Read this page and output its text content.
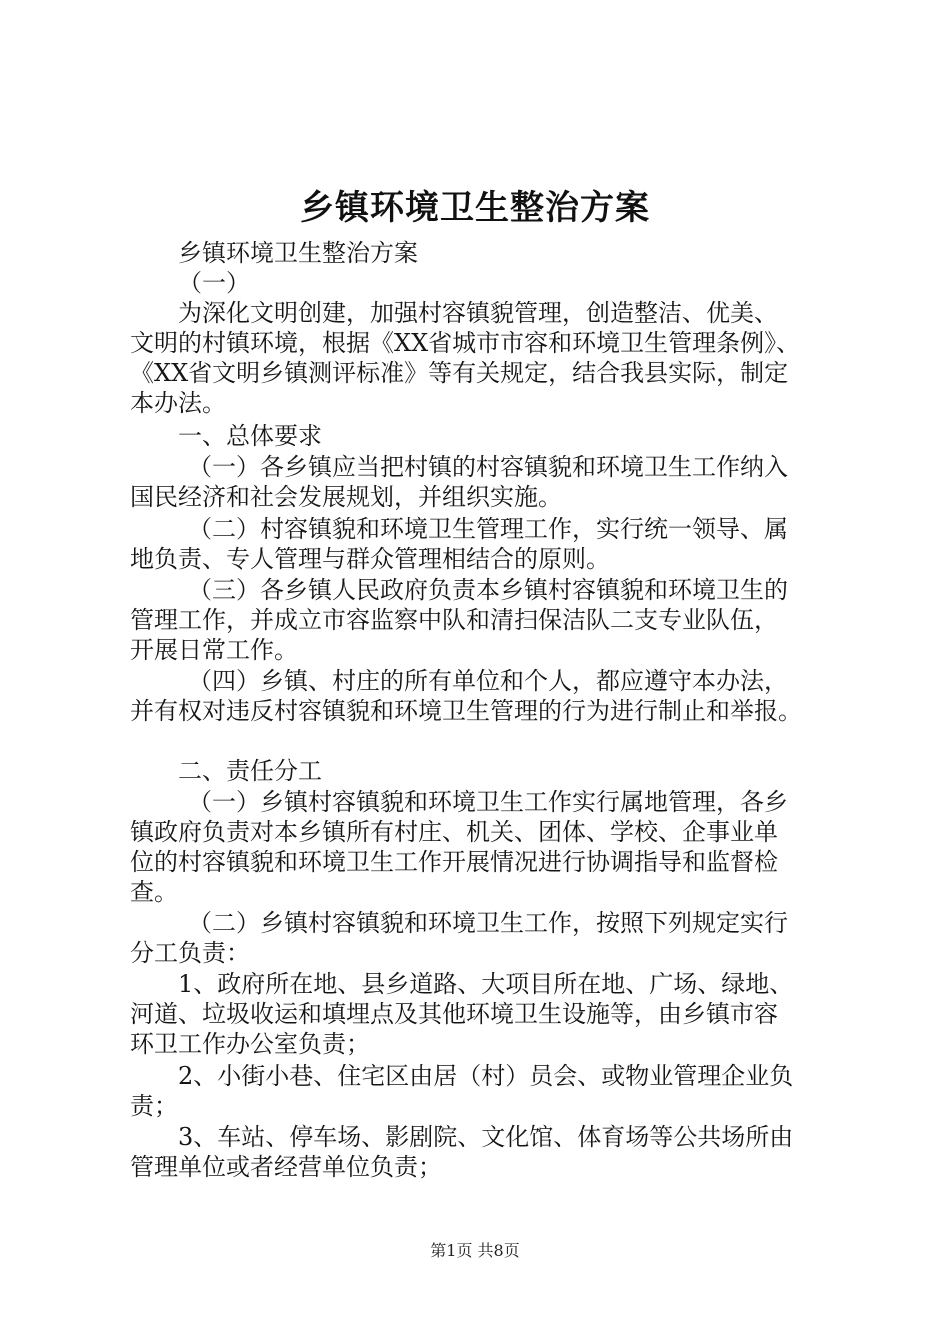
乡镇环境卫生整治方案
乡镇环境卫生整治方案
（一）
为深化文明创建，加强村容镇貌管理，创造整洁、优美、
文明的村镇环境，根据《XX省城市市容和环境卫生管理条例》、
《XX省文明乡镇测评标准》等有关规定，结合我县实际，制定
本办法。
一、总体要求
（一）各乡镇应当把村镇的村容镇貌和环境卫生工作纳入
国民经济和社会发展规划，并组织实施。
（二）村容镇貌和环境卫生管理工作，实行统一领导、属
地负责、专人管理与群众管理相结合的原则。
（三）各乡镇人民政府负责本乡镇村容镇貌和环境卫生的
管理工作，并成立市容监察中队和清扫保洁队二支专业队伍，
开展日常工作。
（四）乡镇、村庄的所有单位和个人，都应遵守本办法，
并有权对违反村容镇貌和环境卫生管理的行为进行制止和举报。
二、责任分工
（一）乡镇村容镇貌和环境卫生工作实行属地管理，各乡
镇政府负责对本乡镇所有村庄、机关、团体、学校、企事业单
位的村容镇貌和环境卫生工作开展情况进行协调指导和监督检
查。
（二）乡镇村容镇貌和环境卫生工作，按照下列规定实行
分工负责：
1、政府所在地、县乡道路、大项目所在地、广场、绿地、
河道、垃圾收运和填埋点及其他环境卫生设施等，由乡镇市容
环卫工作办公室负责；
2、小街小巷、住宅区由居（村）员会、或物业管理企业负
责；
3、车站、停车场、影剧院、文化馆、体育场等公共场所由
管理单位或者经营单位负责；
第1页 共8页
